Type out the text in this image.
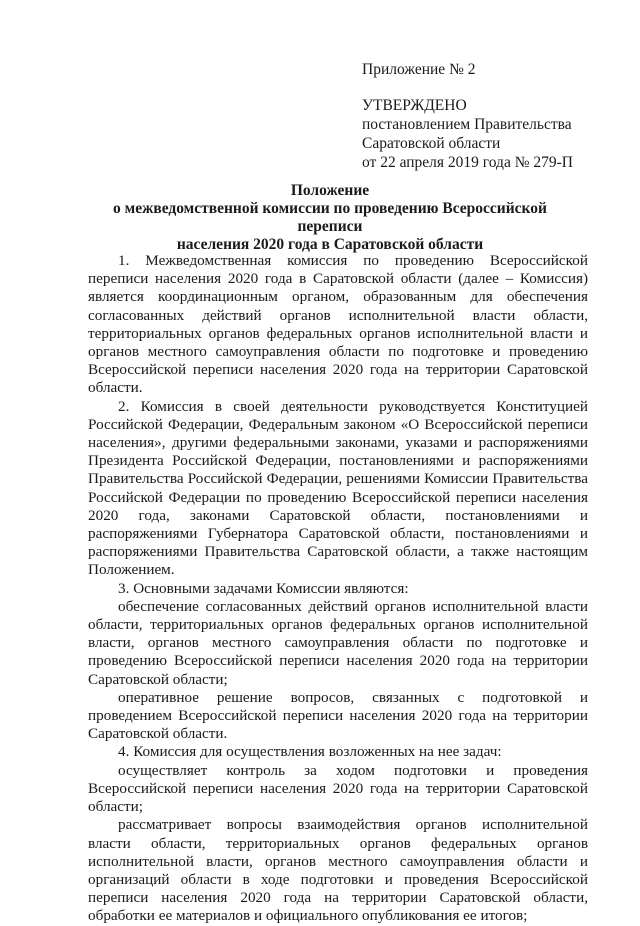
Приложение № 2
УТВЕРЖДЕНО
постановлением Правительства
Саратовской области
от 22 апреля 2019 года № 279-П
Положение
о межведомственной комиссии по проведению Всероссийской переписи
населения 2020 года в Саратовской области

1. Межведомственная комиссия по проведению Всероссийской переписи населения 2020 года в Саратовской области (далее – Комиссия) является координационным органом, образованным для обеспечения согласованных действий органов исполнительной власти области, территориальных органов федеральных органов исполнительной власти и органов местного самоуправления области по подготовке и проведению Всероссийской переписи населения 2020 года на территории Саратовской области.

2. Комиссия в своей деятельности руководствуется Конституцией Российской Федерации, Федеральным законом «О Всероссийской переписи населения», другими федеральными законами, указами и распоряжениями Президента Российской Федерации, постановлениями и распоряжениями Правительства Российской Федерации, решениями Комиссии Правительства Российской Федерации по проведению Всероссийской переписи населения 2020 года, законами Саратовской области, постановлениями и распоряжениями Губернатора Саратовской области, постановлениями и распоряжениями Правительства Саратовской области, а также настоящим Положением.

3. Основными задачами Комиссии являются:

обеспечение согласованных действий органов исполнительной власти области, территориальных органов федеральных органов исполнительной власти, органов местного самоуправления области по подготовке и проведению Всероссийской переписи населения 2020 года на территории Саратовской области;

оперативное решение вопросов, связанных с подготовкой и проведением Всероссийской переписи населения 2020 года на территории Саратовской области.

4. Комиссия для осуществления возложенных на нее задач:

осуществляет контроль за ходом подготовки и проведения Всероссийской переписи населения 2020 года на территории Саратовской области;

рассматривает вопросы взаимодействия органов исполнительной власти области, территориальных органов федеральных органов исполнительной власти, органов местного самоуправления области и организаций области в ходе подготовки и проведения Всероссийской переписи населения 2020 года на территории Саратовской области, обработки ее материалов и официального опубликования ее итогов;
